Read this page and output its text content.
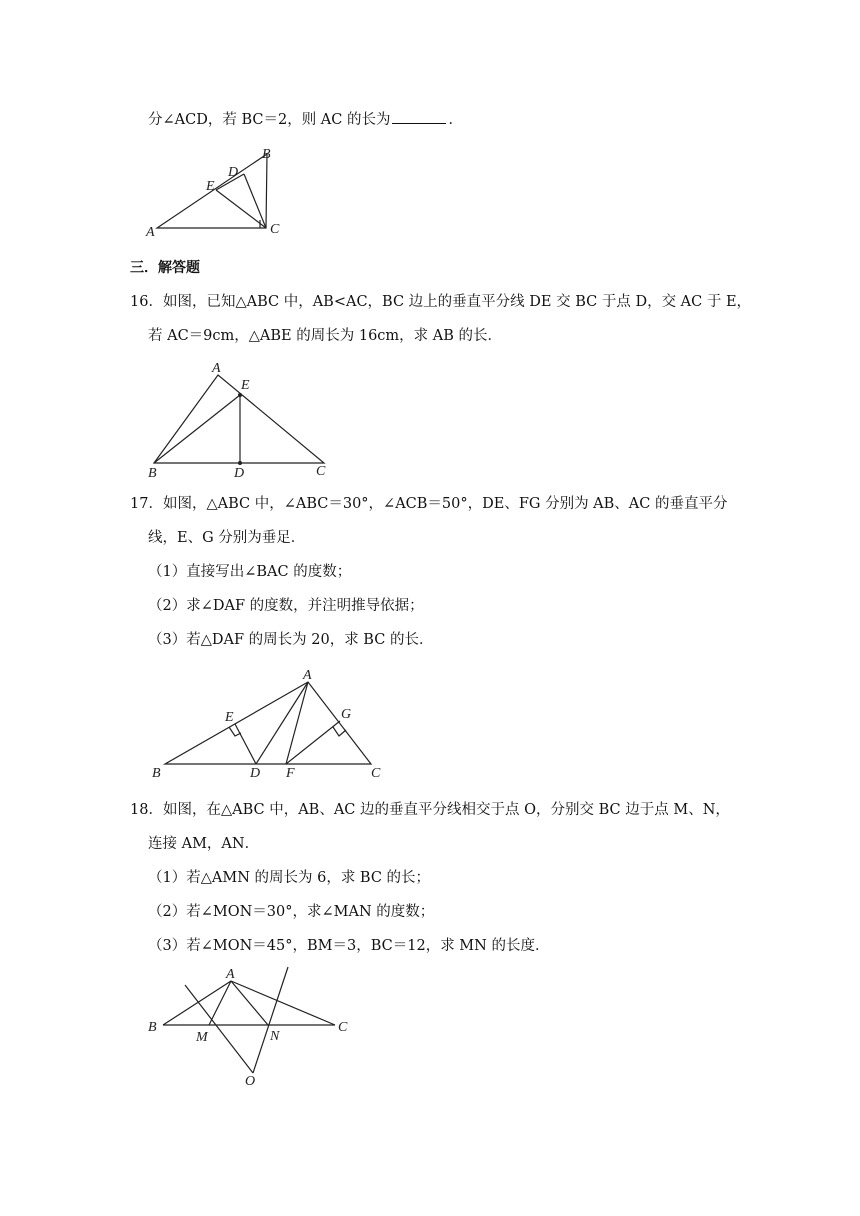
分∠ACD，若 BC＝2，则 AC 的长为	．
B
D
E
A	C
三．解答题
16．如图，已知△ABC 中，AB<AC，BC 边上的垂直平分线 DE 交 BC 于点 D，交 AC 于 E，
若 AC＝9cm，△ABE 的周长为 16cm，求 AB 的长．
A
E
B	D	C
17．如图，△ABC 中，∠ABC＝30°，∠ACB＝50°，DE、FG 分别为 AB、AC 的垂直平分
线，E、G 分别为垂足．
（1）直接写出∠BAC 的度数；
（2）求∠DAF 的度数，并注明推导依据；
（3）若△DAF 的周长为 20，求 BC 的长．
A
E	G
B	D F	C
18．如图，在△ABC 中，AB、AC 边的垂直平分线相交于点 O，分别交 BC 边于点 M、N，
连接 AM，AN．
（1）若△AMN 的周长为 6，求 BC 的长；
（2）若∠MON＝30°，求∠MAN 的度数；
（3）若∠MON＝45°，BM＝3，BC＝12，求 MN 的长度．
A
B
M	N
C
O
